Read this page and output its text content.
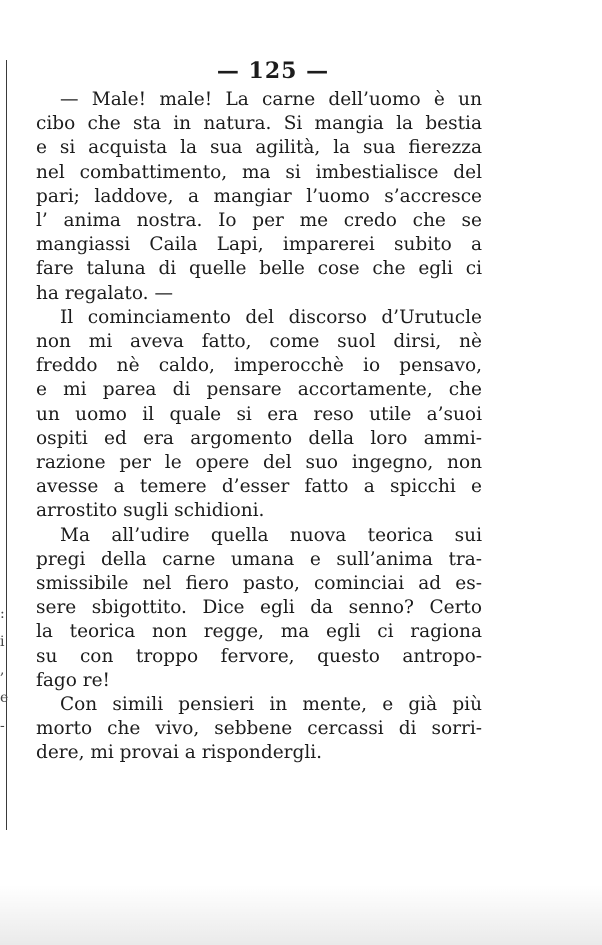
:
i
,
e
-
— 125 —
— Male! male! La carne dell’uomo è un
cibo che sta in natura. Si mangia la bestia
e si acquista la sua agilità, la sua fierezza
nel combattimento, ma si imbestialisce del
pari; laddove, a mangiar l’uomo s’accresce
l’ anima nostra. Io per me credo che se
mangiassi Caila Lapi, imparerei subito a
fare taluna di quelle belle cose che egli ci
ha regalato. —
Il cominciamento del discorso d’Urutucle
non mi aveva fatto, come suol dirsi, nè
freddo nè caldo, imperocchè io pensavo,
e mi parea di pensare accortamente, che
un uomo il quale si era reso utile a’suoi
ospiti ed era argomento della loro ammi-
razione per le opere del suo ingegno, non
avesse a temere d’esser fatto a spicchi e
arrostito sugli schidioni.
Ma all’udire quella nuova teorica sui
pregi della carne umana e sull’anima tra-
smissibile nel fiero pasto, cominciai ad es-
sere sbigottito. Dice egli da senno? Certo
la teorica non regge, ma egli ci ragiona
su con troppo fervore, questo antropo-
fago re!
Con simili pensieri in mente, e già più
morto che vivo, sebbene cercassi di sorri-
dere, mi provai a rispondergli.
